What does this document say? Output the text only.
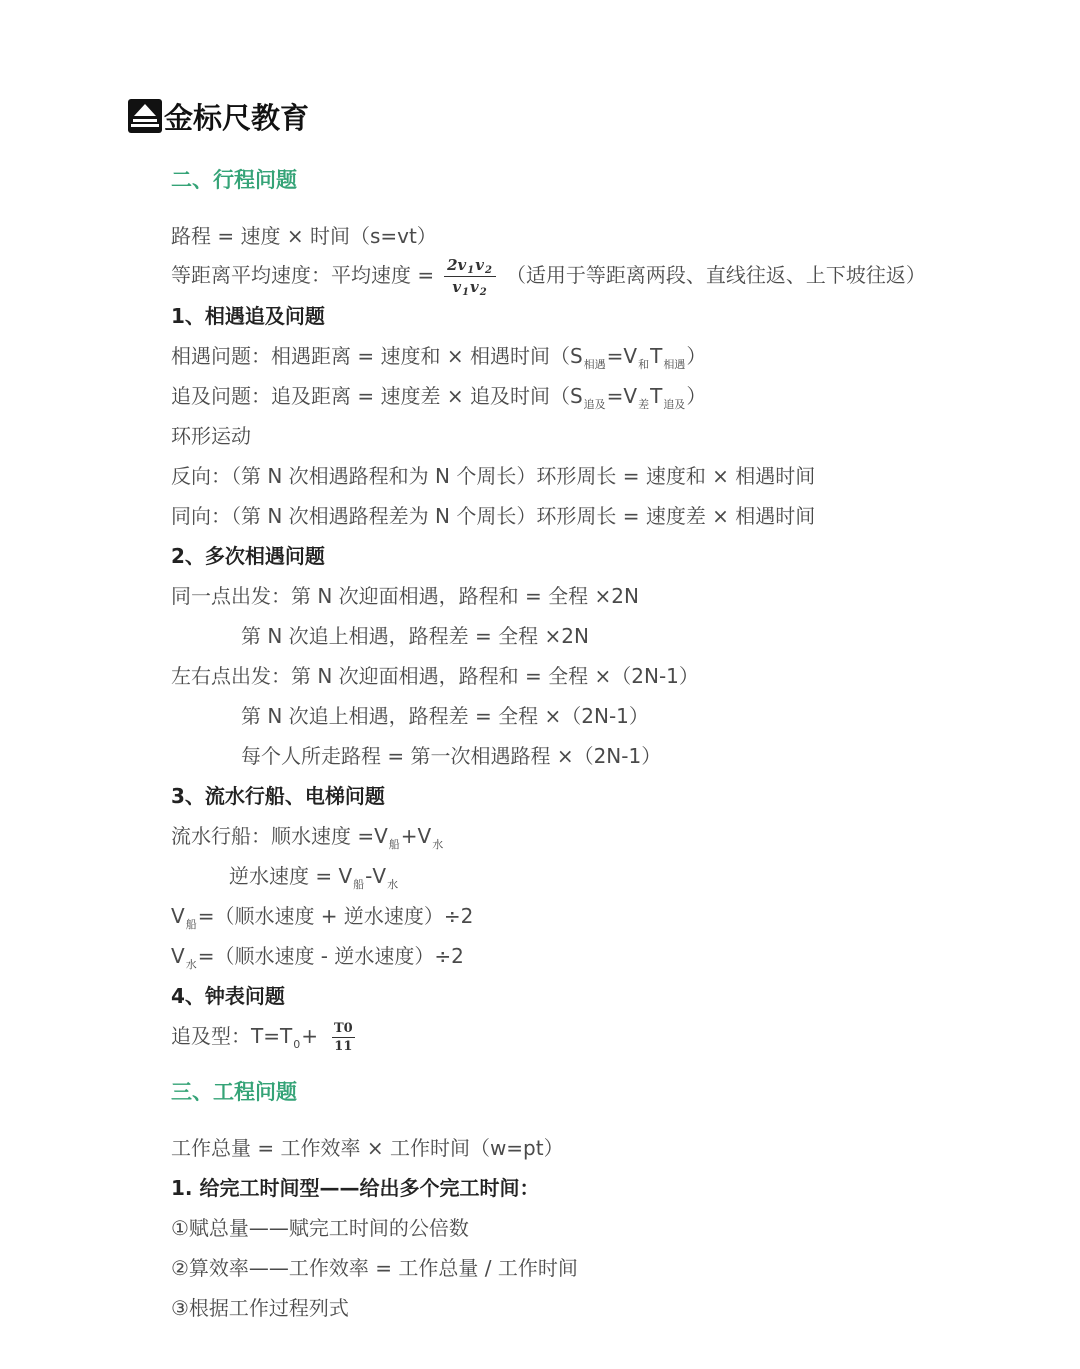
金标尺教育
二、行程问题
路程 = 速度 × 时间（s=vt）
等距离平均速度：平均速度 = $\frac{2v_1v_2}{v_1v_2}$ （适用于等距离两段、直线往返、上下坡往返）
1、相遇追及问题
相遇问题：相遇距离 = 速度和 × 相遇时间$(S_{相遇}=V_和T_{相遇})$
追及问题：追及距离 = 速度差 × 追及时间$(S_{追及}=V_差T_{追及})$
环形运动
反向：（第 N 次相遇路程和为 N 个周长）环形周长 = 速度和 × 相遇时间
同向：（第 N 次相遇路程差为 N 个周长）环形周长 = 速度差 × 相遇时间
2、多次相遇问题
同一点出发：第 N 次迎面相遇，路程和 = 全程 ×2N
第 N 次追上相遇，路程差 = 全程 ×2N
左右点出发：第 N 次迎面相遇，路程和 = 全程 ×（2N-1）
第 N 次追上相遇，路程差 = 全程 ×（2N-1）
每个人所走路程 = 第一次相遇路程 ×（2N-1）
3、流水行船、电梯问题
流水行船：顺水速度 $=V_船+V_水$
逆水速度 = $V_船-V_水$
$V_船=$（顺水速度 + 逆水速度）÷2
$V_水=$（顺水速度 - 逆水速度）÷2
4、钟表问题
追及型：$T=T_0+ \frac{T0}{11}$
三、工程问题
工作总量 = 工作效率 × 工作时间（w=pt）
1. 给完工时间型——给出多个完工时间：
①赋总量——赋完工时间的公倍数
②算效率——工作效率 = 工作总量 / 工作时间
③根据工作过程列式
